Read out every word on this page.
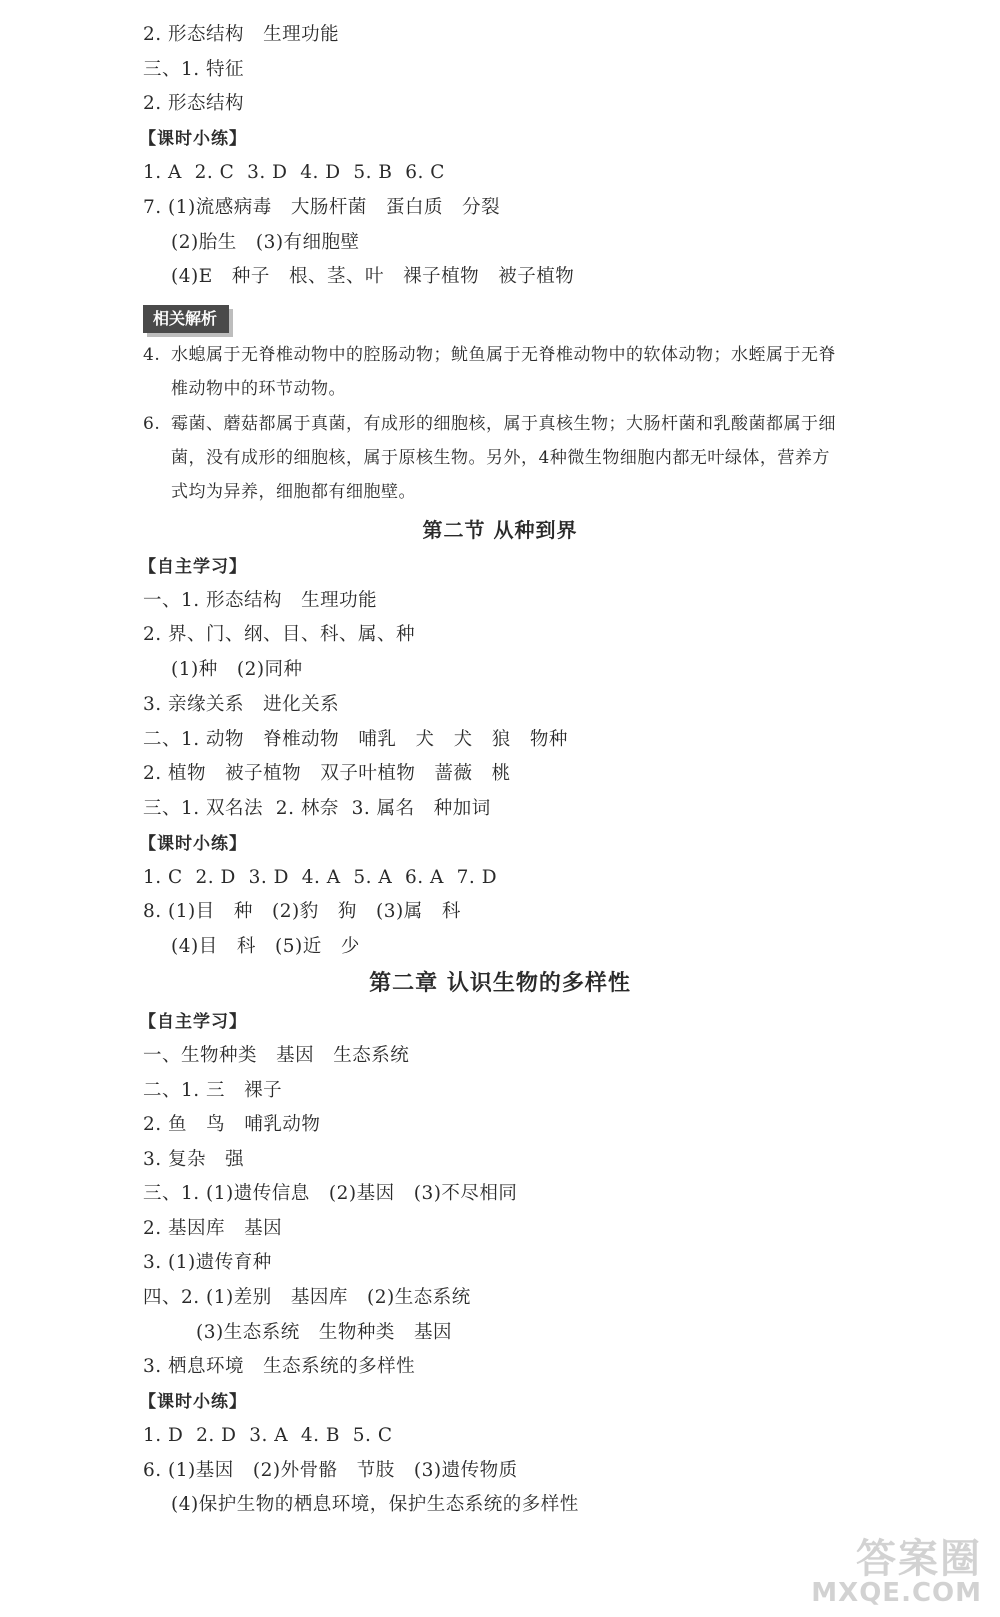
2. 形态结构   生理功能
三、1. 特征
2. 形态结构
【课时小练】
1. A  2. C  3. D  4. D  5. B  6. C
7. (1)流感病毒   大肠杆菌   蛋白质   分裂
(2)胎生   (3)有细胞壁
(4)E   种子   根、茎、叶   裸子植物   被子植物
相关解析
4. 水螅属于无脊椎动物中的腔肠动物；鱿鱼属于无脊椎动物中的软体动物；水蛭属于无脊椎动物中的环节动物。
6. 霉菌、蘑菇都属于真菌，有成形的细胞核，属于真核生物；大肠杆菌和乳酸菌都属于细菌，没有成形的细胞核，属于原核生物。另外，4种微生物细胞内都无叶绿体，营养方式均为异养，细胞都有细胞壁。
第二节 从种到界
【自主学习】
一、1. 形态结构   生理功能
2. 界、门、纲、目、科、属、种
(1)种   (2)同种
3. 亲缘关系   进化关系
二、1. 动物   脊椎动物   哺乳   犬   犬   狼   物种
2. 植物   被子植物   双子叶植物   蔷薇   桃
三、1. 双名法  2. 林奈  3. 属名   种加词
【课时小练】
1. C  2. D  3. D  4. A  5. A  6. A  7. D
8. (1)目   种   (2)豹   狗   (3)属   科
(4)目   科   (5)近   少
第二章 认识生物的多样性
【自主学习】
一、生物种类   基因   生态系统
二、1. 三   裸子
2. 鱼   鸟   哺乳动物
3. 复杂   强
三、1. (1)遗传信息   (2)基因   (3)不尽相同
2. 基因库   基因
3. (1)遗传育种
四、2. (1)差别   基因库   (2)生态系统
(3)生态系统   生物种类   基因
3. 栖息环境   生态系统的多样性
【课时小练】
1. D  2. D  3. A  4. B  5. C
6. (1)基因   (2)外骨骼   节肢   (3)遗传物质
(4)保护生物的栖息环境，保护生态系统的多样性
答案圈
MXQE.COM
